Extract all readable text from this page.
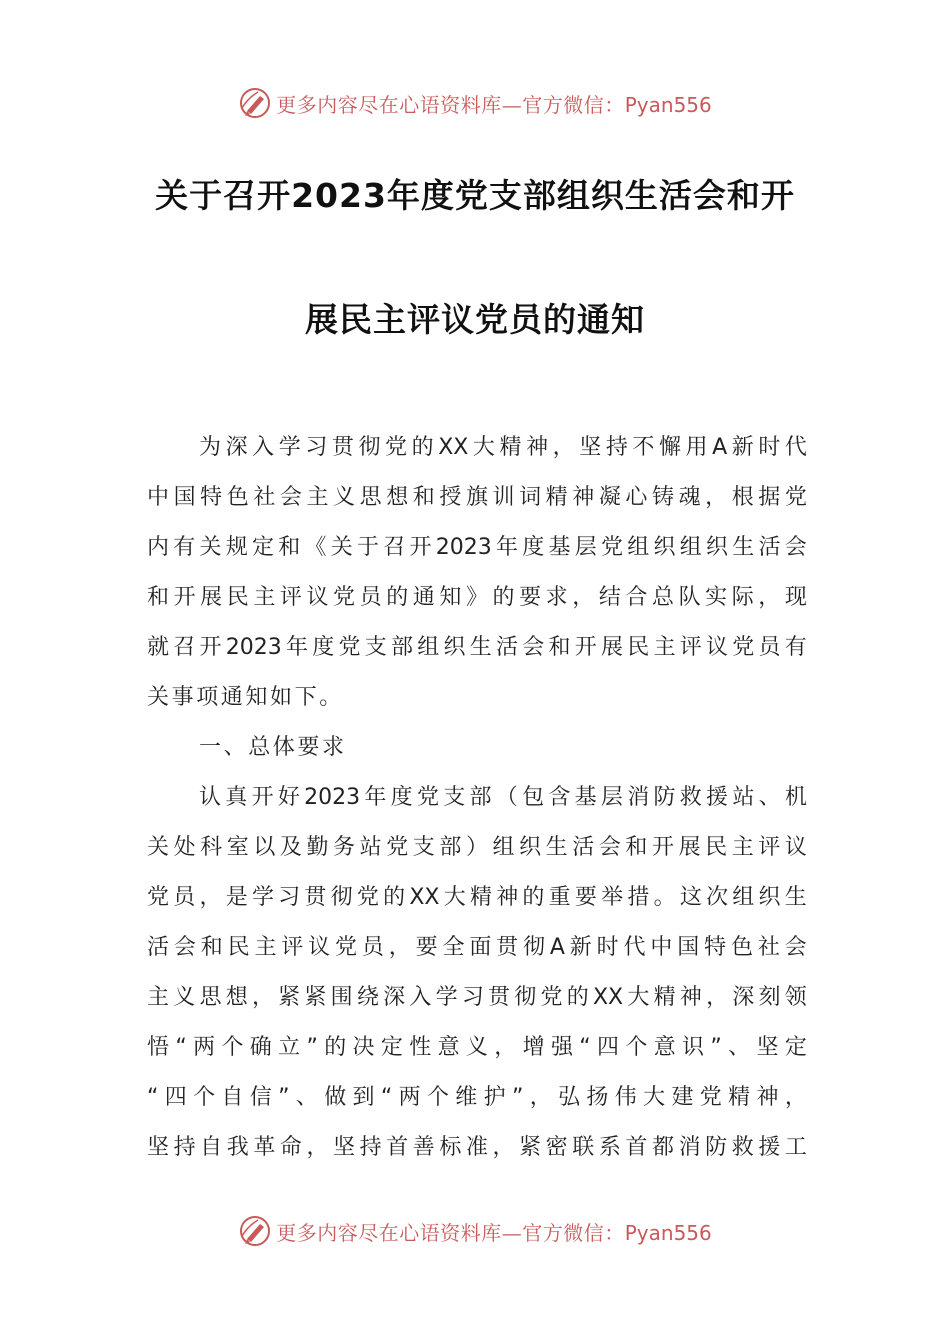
更多内容尽在心语资料库—官方微信：Pyan556
关于召开2023年度党支部组织生活会和开
展民主评议党员的通知
为 深 入 学 习 贯 彻 党 的 XX 大 精 神 ， 坚 持 不 懈 用 A 新 时 代
中 国 特 色 社 会 主 义 思 想 和 授 旗 训 词 精 神 凝 心 铸 魂 ， 根 据 党
内 有 关 规 定 和 《 关 于 召 开 2023 年 度 基 层 党 组 织 组 织 生 活 会
和 开 展 民 主 评 议 党 员 的 通 知 》 的 要 求 ， 结 合 总 队 实 际 ， 现
就 召 开 2023 年 度 党 支 部 组 织 生 活 会 和 开 展 民 主 评 议 党 员 有
关事项通知如下。
一、总体要求
认 真 开 好 2023 年 度 党 支 部 （ 包 含 基 层 消 防 救 援 站 、 机
关 处 科 室 以 及 勤 务 站 党 支 部 ） 组 织 生 活 会 和 开 展 民 主 评 议
党 员 ， 是 学 习 贯 彻 党 的 XX 大 精 神 的 重 要 举 措 。 这 次 组 织 生
活 会 和 民 主 评 议 党 员 ， 要 全 面 贯 彻 A 新 时 代 中 国 特 色 社 会
主 义 思 想 ， 紧 紧 围 绕 深 入 学 习 贯 彻 党 的 XX 大 精 神 ， 深 刻 领
悟 “ 两 个 确 立 ” 的 决 定 性 意 义 ， 增 强 “ 四 个 意 识 ” 、 坚 定
“ 四 个 自 信 ” 、 做 到 “ 两 个 维 护 ” ， 弘 扬 伟 大 建 党 精 神 ，
坚 持 自 我 革 命 ， 坚 持 首 善 标 准 ， 紧 密 联 系 首 都 消 防 救 援 工
更多内容尽在心语资料库—官方微信：Pyan556
